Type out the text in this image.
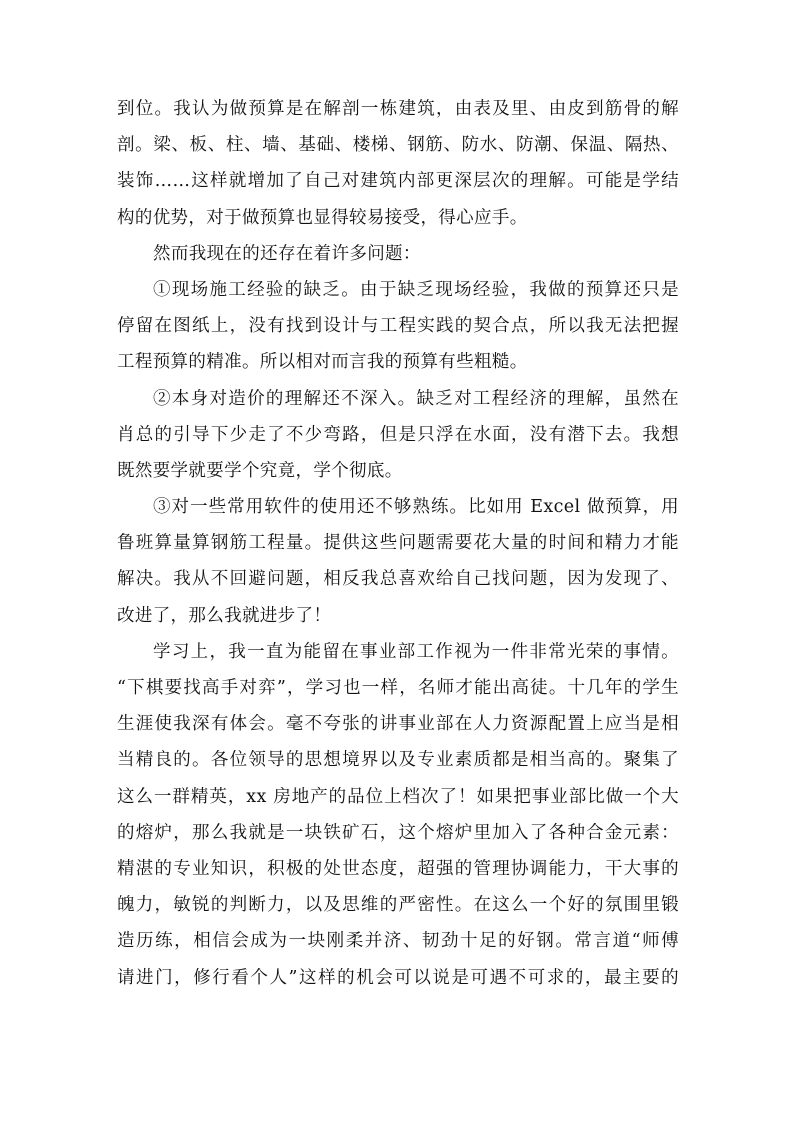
到位。我认为做预算是在解剖一栋建筑，由表及里、由皮到筋骨的解
剖。梁、板、柱、墙、基础、楼梯、钢筋、防水、防潮、保温、隔热、
装饰……这样就增加了自己对建筑内部更深层次的理解。可能是学结
构的优势，对于做预算也显得较易接受，得心应手。
然而我现在的还存在着许多问题：
①现场施工经验的缺乏。由于缺乏现场经验，我做的预算还只是
停留在图纸上，没有找到设计与工程实践的契合点，所以我无法把握
工程预算的精准。所以相对而言我的预算有些粗糙。
②本身对造价的理解还不深入。缺乏对工程经济的理解，虽然在
肖总的引导下少走了不少弯路，但是只浮在水面，没有潜下去。我想
既然要学就要学个究竟，学个彻底。
③对一些常用软件的使用还不够熟练。比如用 Excel 做预算，用
鲁班算量算钢筋工程量。提供这些问题需要花大量的时间和精力才能
解决。我从不回避问题，相反我总喜欢给自己找问题，因为发现了、
改进了，那么我就进步了！
学习上，我一直为能留在事业部工作视为一件非常光荣的事情。
“下棋要找高手对弈”，学习也一样，名师才能出高徒。十几年的学生
生涯使我深有体会。毫不夸张的讲事业部在人力资源配置上应当是相
当精良的。各位领导的思想境界以及专业素质都是相当高的。聚集了
这么一群精英，xx 房地产的品位上档次了！如果把事业部比做一个大
的熔炉，那么我就是一块铁矿石，这个熔炉里加入了各种合金元素：
精湛的专业知识，积极的处世态度，超强的管理协调能力，干大事的
魄力，敏锐的判断力，以及思维的严密性。在这么一个好的氛围里锻
造历练，相信会成为一块刚柔并济、韧劲十足的好钢。常言道“师傅
请进门，修行看个人”这样的机会可以说是可遇不可求的，最主要的
